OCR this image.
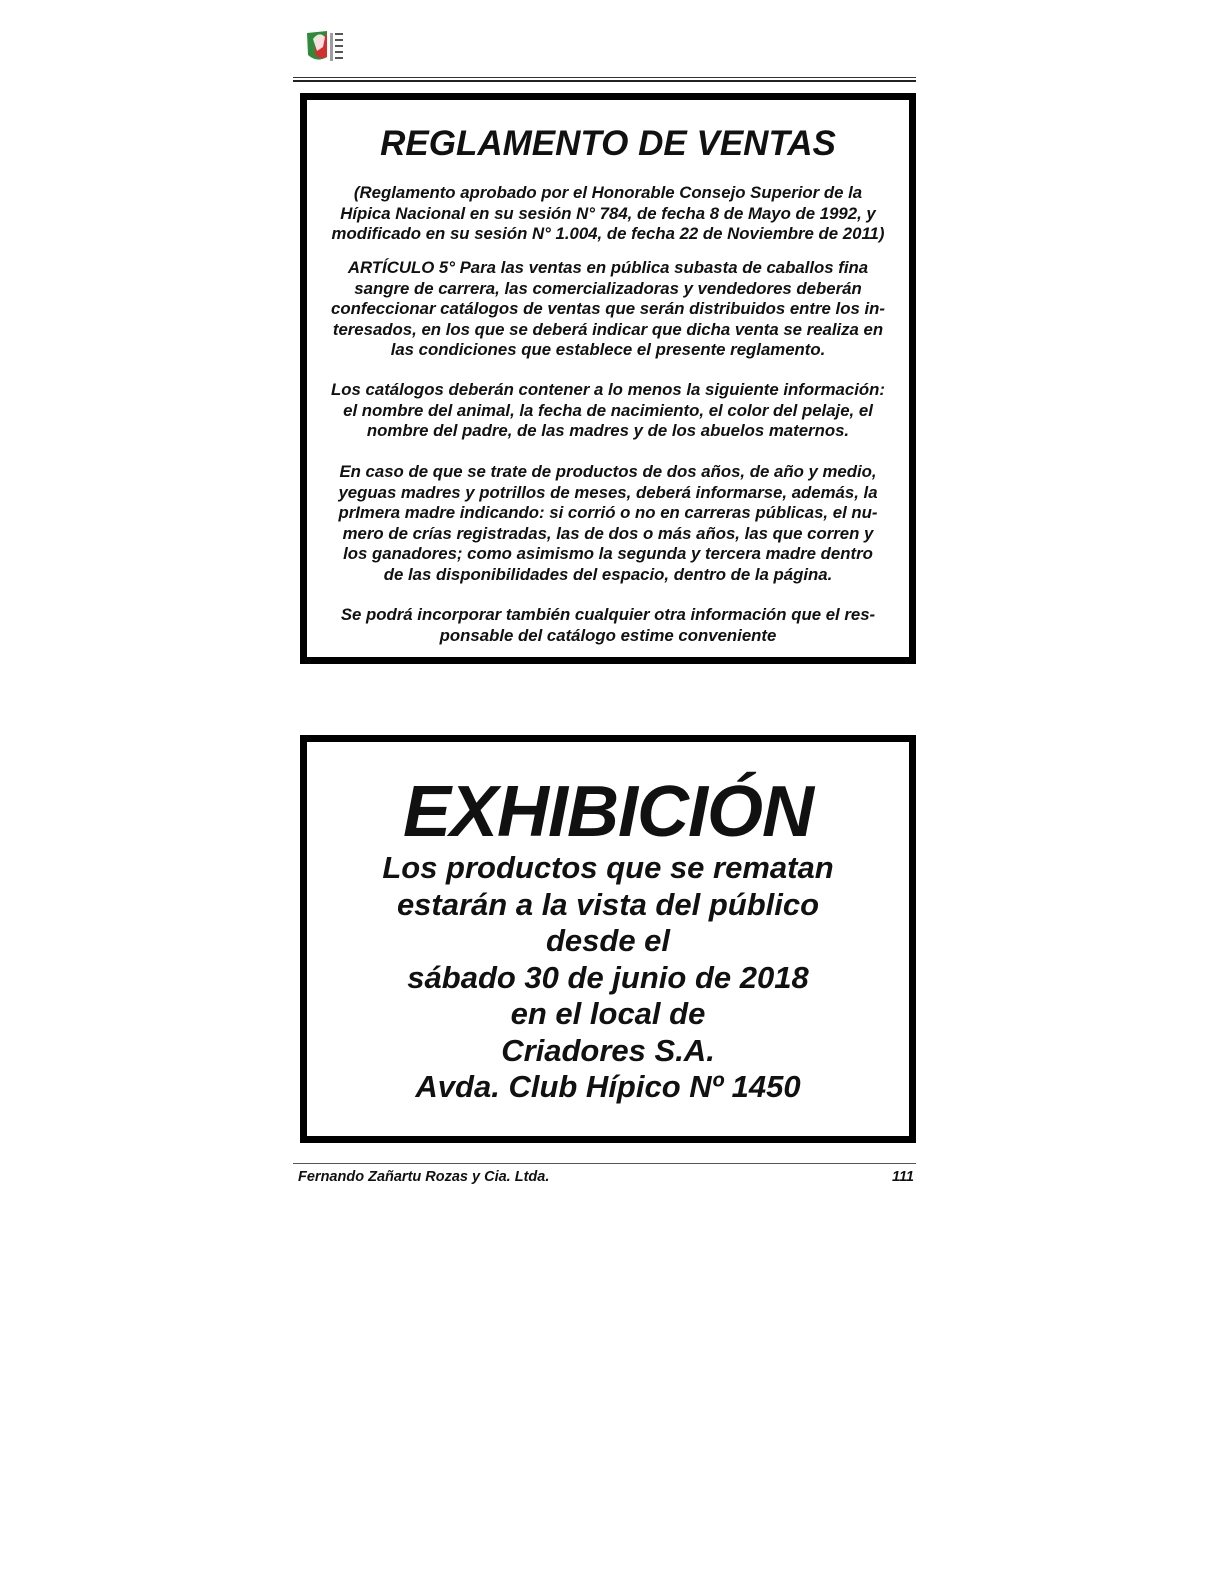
REGLAMENTO DE VENTAS
(Reglamento aprobado por el Honorable Consejo Superior de la
Hípica Nacional en su sesión N° 784, de fecha 8 de Mayo de 1992, y
modificado en su sesión N° 1.004, de fecha 22 de Noviembre de 2011)
ARTÍCULO 5° Para las ventas en pública subasta de caballos fina
sangre de carrera, las comercializadoras y vendedores deberán
confeccionar catálogos de ventas que serán distribuidos entre los in-
teresados, en los que se deberá indicar que dicha venta se realiza en
las condiciones que establece el presente reglamento.
Los catálogos deberán contener a lo menos la siguiente información:
el nombre del animal, la fecha de nacimiento, el color del pelaje, el
nombre del padre, de las madres y de los abuelos maternos.
En caso de que se trate de productos de dos años, de año y medio,
yeguas madres y potrillos de meses, deberá informarse, además, la
prImera madre indicando: si corrió o no en carreras públicas, el nu-
mero de crías registradas, las de dos o más años, las que corren y
los ganadores; como asimismo la segunda y tercera madre dentro
de las disponibilidades del espacio, dentro de la página.
Se podrá incorporar también cualquier otra información que el res-
ponsable del catálogo estime conveniente
EXHIBICIÓN
Los productos que se rematan
estarán a la vista del público
desde el
sábado 30 de junio de 2018
en el local de
Criadores S.A.
Avda. Club Hípico Nº 1450
Fernando Zañartu Rozas y Cia. Ltda.	111
